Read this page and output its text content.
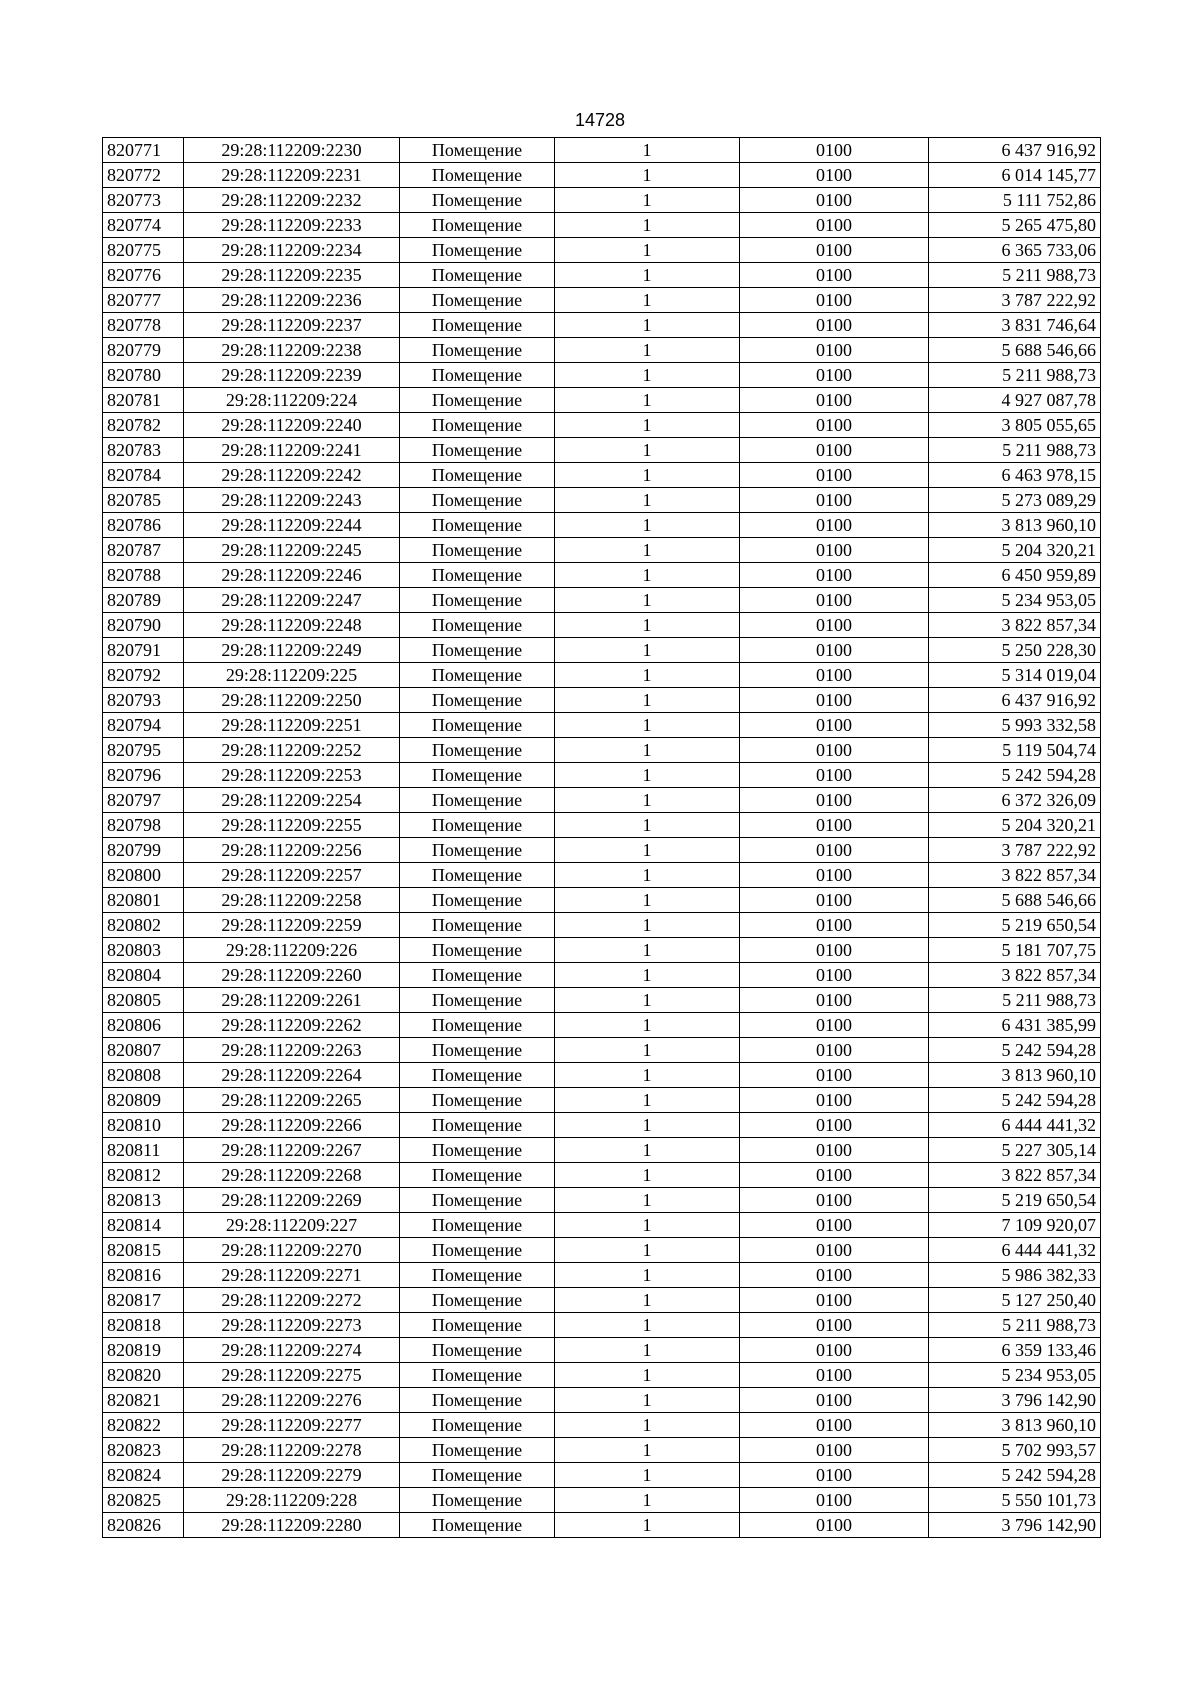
14728
820771	29:28:112209:2230	Помещение	1	0100	6 437 916,92
820772	29:28:112209:2231	Помещение	1	0100	6 014 145,77
820773	29:28:112209:2232	Помещение	1	0100	5 111 752,86
820774	29:28:112209:2233	Помещение	1	0100	5 265 475,80
820775	29:28:112209:2234	Помещение	1	0100	6 365 733,06
820776	29:28:112209:2235	Помещение	1	0100	5 211 988,73
820777	29:28:112209:2236	Помещение	1	0100	3 787 222,92
820778	29:28:112209:2237	Помещение	1	0100	3 831 746,64
820779	29:28:112209:2238	Помещение	1	0100	5 688 546,66
820780	29:28:112209:2239	Помещение	1	0100	5 211 988,73
820781	29:28:112209:224	Помещение	1	0100	4 927 087,78
820782	29:28:112209:2240	Помещение	1	0100	3 805 055,65
820783	29:28:112209:2241	Помещение	1	0100	5 211 988,73
820784	29:28:112209:2242	Помещение	1	0100	6 463 978,15
820785	29:28:112209:2243	Помещение	1	0100	5 273 089,29
820786	29:28:112209:2244	Помещение	1	0100	3 813 960,10
820787	29:28:112209:2245	Помещение	1	0100	5 204 320,21
820788	29:28:112209:2246	Помещение	1	0100	6 450 959,89
820789	29:28:112209:2247	Помещение	1	0100	5 234 953,05
820790	29:28:112209:2248	Помещение	1	0100	3 822 857,34
820791	29:28:112209:2249	Помещение	1	0100	5 250 228,30
820792	29:28:112209:225	Помещение	1	0100	5 314 019,04
820793	29:28:112209:2250	Помещение	1	0100	6 437 916,92
820794	29:28:112209:2251	Помещение	1	0100	5 993 332,58
820795	29:28:112209:2252	Помещение	1	0100	5 119 504,74
820796	29:28:112209:2253	Помещение	1	0100	5 242 594,28
820797	29:28:112209:2254	Помещение	1	0100	6 372 326,09
820798	29:28:112209:2255	Помещение	1	0100	5 204 320,21
820799	29:28:112209:2256	Помещение	1	0100	3 787 222,92
820800	29:28:112209:2257	Помещение	1	0100	3 822 857,34
820801	29:28:112209:2258	Помещение	1	0100	5 688 546,66
820802	29:28:112209:2259	Помещение	1	0100	5 219 650,54
820803	29:28:112209:226	Помещение	1	0100	5 181 707,75
820804	29:28:112209:2260	Помещение	1	0100	3 822 857,34
820805	29:28:112209:2261	Помещение	1	0100	5 211 988,73
820806	29:28:112209:2262	Помещение	1	0100	6 431 385,99
820807	29:28:112209:2263	Помещение	1	0100	5 242 594,28
820808	29:28:112209:2264	Помещение	1	0100	3 813 960,10
820809	29:28:112209:2265	Помещение	1	0100	5 242 594,28
820810	29:28:112209:2266	Помещение	1	0100	6 444 441,32
820811	29:28:112209:2267	Помещение	1	0100	5 227 305,14
820812	29:28:112209:2268	Помещение	1	0100	3 822 857,34
820813	29:28:112209:2269	Помещение	1	0100	5 219 650,54
820814	29:28:112209:227	Помещение	1	0100	7 109 920,07
820815	29:28:112209:2270	Помещение	1	0100	6 444 441,32
820816	29:28:112209:2271	Помещение	1	0100	5 986 382,33
820817	29:28:112209:2272	Помещение	1	0100	5 127 250,40
820818	29:28:112209:2273	Помещение	1	0100	5 211 988,73
820819	29:28:112209:2274	Помещение	1	0100	6 359 133,46
820820	29:28:112209:2275	Помещение	1	0100	5 234 953,05
820821	29:28:112209:2276	Помещение	1	0100	3 796 142,90
820822	29:28:112209:2277	Помещение	1	0100	3 813 960,10
820823	29:28:112209:2278	Помещение	1	0100	5 702 993,57
820824	29:28:112209:2279	Помещение	1	0100	5 242 594,28
820825	29:28:112209:228	Помещение	1	0100	5 550 101,73
820826	29:28:112209:2280	Помещение	1	0100	3 796 142,90
